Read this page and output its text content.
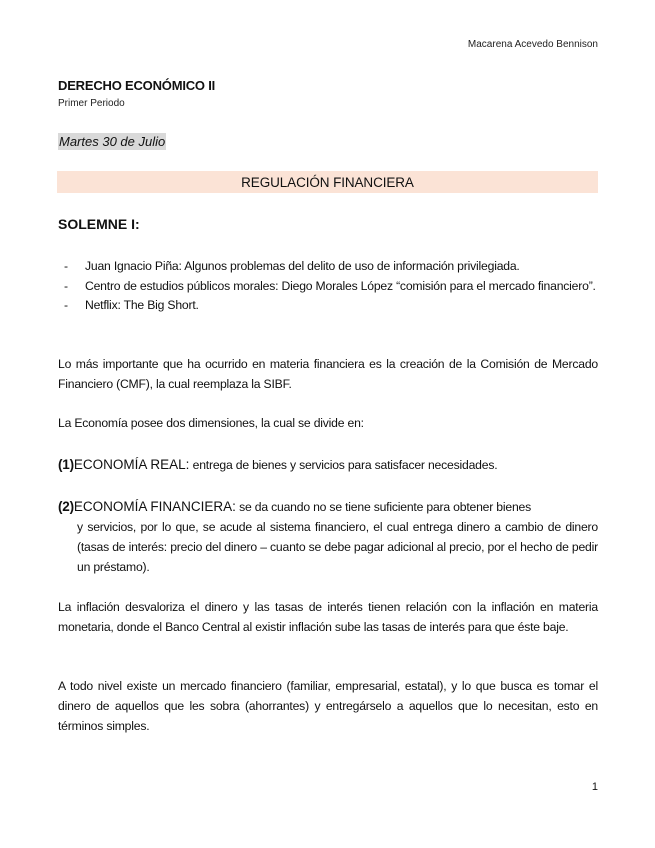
Macarena Acevedo Bennison
DERECHO ECONÓMICO II
Primer Periodo
Martes 30 de Julio
REGULACIÓN FINANCIERA
SOLEMNE I:
- Juan Ignacio Piña: Algunos problemas del delito de uso de información privilegiada.
- Centro de estudios públicos morales: Diego Morales López “comisión para el mercado financiero”.
- Netflix: The Big Short.
Lo más importante que ha ocurrido en materia financiera es la creación de la Comisión de Mercado Financiero (CMF), la cual reemplaza la SIBF.
La Economía posee dos dimensiones, la cual se divide en:
(1)ECONOMÍA REAL: entrega de bienes y servicios para satisfacer necesidades.
(2)ECONOMÍA FINANCIERA: se da cuando no se tiene suficiente para obtener bienes
y servicios, por lo que, se acude al sistema financiero, el cual entrega dinero a cambio de dinero (tasas de interés: precio del dinero – cuanto se debe pagar adicional al precio, por el hecho de pedir un préstamo).
La inflación desvaloriza el dinero y las tasas de interés tienen relación con la inflación en materia monetaria, donde el Banco Central al existir inflación sube las tasas de interés para que éste baje.
A todo nivel existe un mercado financiero (familiar, empresarial, estatal), y lo que busca es tomar el dinero de aquellos que les sobra (ahorrantes) y entregárselo a aquellos que lo necesitan, esto en términos simples.
1
